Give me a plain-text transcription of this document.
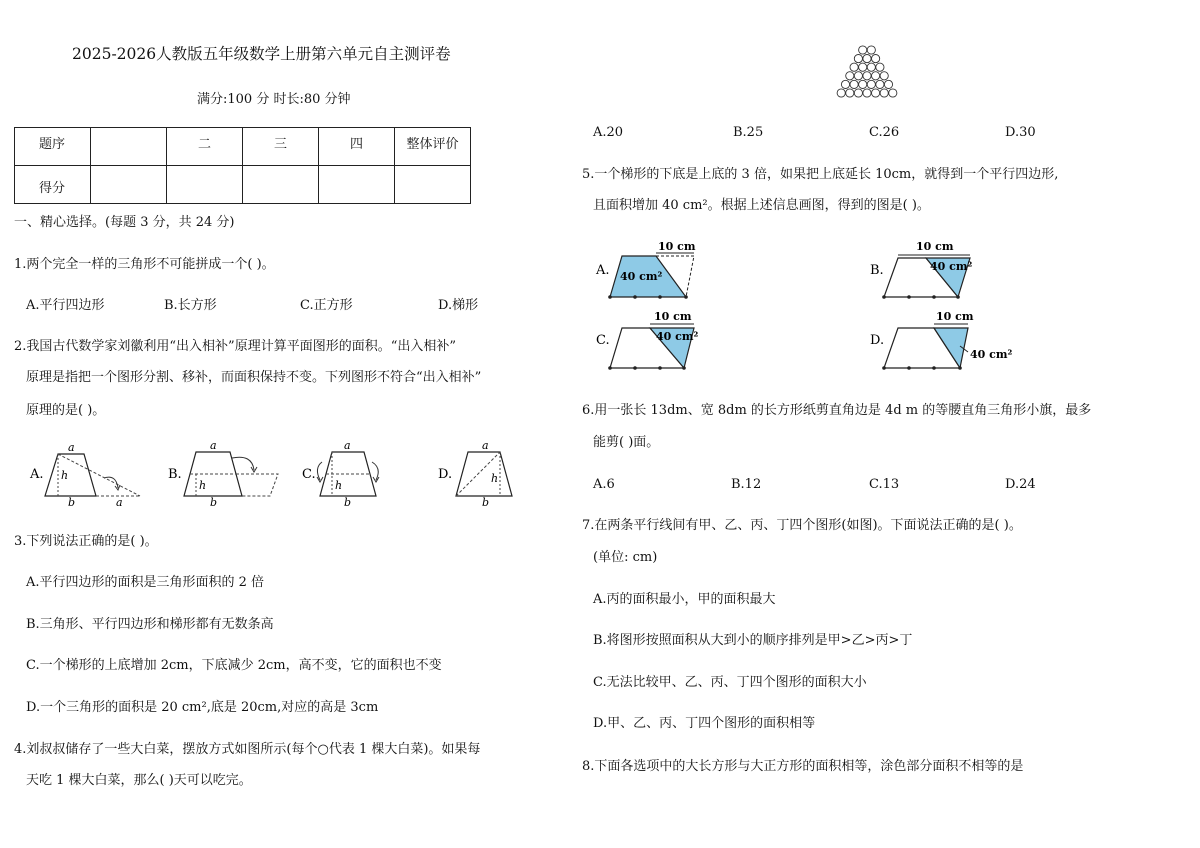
2025-2026人教版五年级数学上册第六单元自主测评卷
满分:100 分 时长:80 分钟
题序		二	三	四	整体评价
得分					
一、精心选择。(每题 3 分，共 24 分)
1.两个完全一样的三角形不可能拼成一个( )。
A.平行四边形	B.长方形	C.正方形	D.梯形
2.我国古代数学家刘徽利用“出入相补”原理计算平面图形的面积。“出入相补”
原理是指把一个图形分割、移补，而面积保持不变。下列图形不符合“出入相补”
原理的是( )。
A.
a
h
b	a
B.
a
h
b
C.
a
h
b
D.
a
h
b
3.下列说法正确的是( )。
A.平行四边形的面积是三角形面积的 2 倍
B.三角形、平行四边形和梯形都有无数条高
C.一个梯形的上底增加 2cm，下底减少 2cm，高不变，它的面积也不变
D.一个三角形的面积是 20 cm²,底是 20cm,对应的高是 3cm
4.刘叔叔储存了一些大白菜，摆放方式如图所示(每个○代表 1 棵大白菜)。如果每
天吃 1 棵大白菜，那么( )天可以吃完。
A.20	B.25	C.26	D.30
5.一个梯形的下底是上底的 3 倍，如果把上底延长 10cm，就得到一个平行四边形,
且面积增加 40 cm²。根据上述信息画图，得到的图是( )。
A.
10 cm
40 cm²	B.
10 cm
40 cm²
C.
10 cm
40 cm²	D.
10 cm
40 cm²
6.用一张长 13dm、宽 8dm 的长方形纸剪直角边是 4d m 的等腰直角三角形小旗，最多
能剪( )面。
A.6	B.12	C.13	D.24
7.在两条平行线间有甲、乙、丙、丁四个图形(如图)。下面说法正确的是( )。
(单位: cm)
A.丙的面积最小，甲的面积最大
B.将图形按照面积从大到小的顺序排列是甲>乙>丙>丁
C.无法比较甲、乙、丙、丁四个图形的面积大小
D.甲、乙、丙、丁四个图形的面积相等
8.下面各选项中的大长方形与大正方形的面积相等，涂色部分面积不相等的是
